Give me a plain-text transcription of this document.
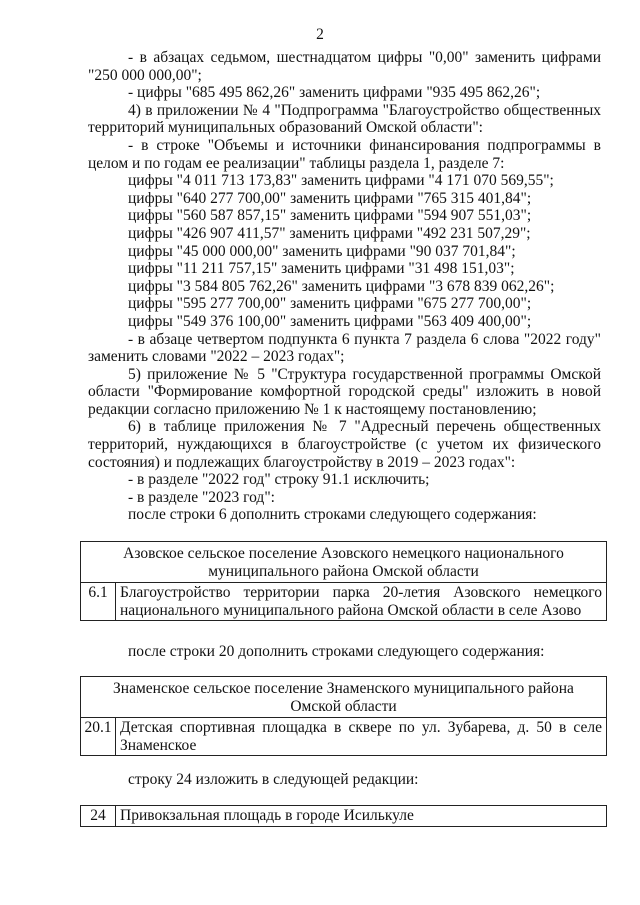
2

- в абзацах седьмом, шестнадцатом цифры "0,00" заменить цифрами "250 000 000,00";

- цифры "685 495 862,26" заменить цифрами "935 495 862,26";

4) в приложении № 4 "Подпрограмма "Благоустройство общественных территорий муниципальных образований Омской области":

- в строке "Объемы и источники финансирования подпрограммы в целом и по годам ее реализации" таблицы раздела 1, разделе 7:

цифры "4 011 713 173,83" заменить цифрами "4 171 070 569,55";
цифры "640 277 700,00" заменить цифрами "765 315 401,84";
цифры "560 587 857,15" заменить цифрами "594 907 551,03";
цифры "426 907 411,57" заменить цифрами "492 231 507,29";
цифры "45 000 000,00" заменить цифрами "90 037 701,84";
цифры "11 211 757,15" заменить цифрами "31 498 151,03";
цифры "3 584 805 762,26" заменить цифрами "3 678 839 062,26";
цифры "595 277 700,00" заменить цифрами "675 277 700,00";
цифры "549 376 100,00" заменить цифрами "563 409 400,00";

- в абзаце четвертом подпункта 6 пункта 7 раздела 6 слова "2022 году" заменить словами "2022 – 2023 годах";

5) приложение № 5 "Структура государственной программы Омской области "Формирование комфортной городской среды" изложить в новой редакции согласно приложению № 1 к настоящему постановлению;

6) в таблице приложения № 7 "Адресный перечень общественных территорий, нуждающихся в благоустройстве (с учетом их физического состояния) и подлежащих благоустройству в 2019 – 2023 годах":

- в разделе "2022 год" строку 91.1 исключить;

- в разделе "2023 год":

после строки 6 дополнить строками следующего содержания:

Азовское сельское поселение Азовского немецкого национального муниципального района Омской области
6.1	Благоустройство территории парка 20-летия Азовского немецкого национального муниципального района Омской области в селе Азово
после строки 20 дополнить строками следующего содержания:
Знаменское сельское поселение Знаменского муниципального района Омской области
20.1	Детская спортивная площадка в сквере по ул. Зубарева, д. 50 в селе Знаменское
строку 24 изложить в следующей редакции:
24	Привокзальная площадь в городе Исилькуле
